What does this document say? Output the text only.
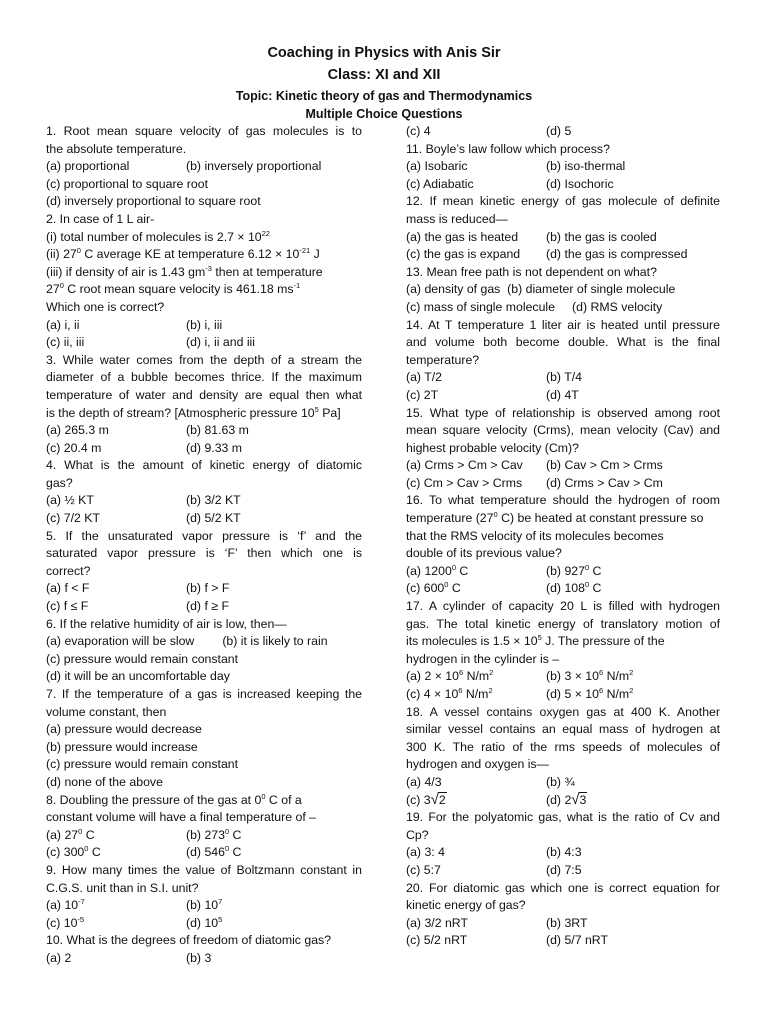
Coaching in Physics with Anis Sir
Class: XI and XII
Topic: Kinetic theory of gas and Thermodynamics
Multiple Choice Questions
1. Root mean square velocity of gas molecules is to
the absolute temperature.
(a) proportional	(b) inversely proportional
(c) proportional to square root
(d) inversely proportional to square root
2. In case of 1 L air-
(i) total number of molecules is $2.7 \times 10^{22}$
(ii) $27^0$ C average KE at temperature $6.12 \times 10^{-21}$ J
(iii) if density of air is 1.43 $gm^{-3}$ then at temperature
$27^0$ C root mean square velocity is 461.18 $ms^{-1}$
Which one is correct?
(a) i, ii	(b) i, iii
(c) ii, iii	(d) i, ii and iii
3. While water comes from the depth of a stream the
diameter of a bubble becomes thrice. If the maximum
temperature of water and density are equal then what
is the depth of stream? [Atmospheric pressure $10^5$ Pa]
(a) 265.3 m	(b) 81.63 m
(c) 20.4 m	(d) 9.33 m
4. What is the amount of kinetic energy of diatomic
gas?
(a) ½ KT	(b) 3/2 KT
(c) 7/2 KT	(d) 5/2 KT
5. If the unsaturated vapor pressure is ‘f’ and the
saturated vapor pressure is ‘F’ then which one is
correct?
(a) f < F	(b) f > F
(c) f ≤ F	(d) f ≥ F
6. If the relative humidity of air is low, then—
(a) evaporation will be slow (b) it is likely to rain
(c) pressure would remain constant
(d) it will be an uncomfortable day
7. If the temperature of a gas is increased keeping the
volume constant, then
(a) pressure would decrease
(b) pressure would increase
(c) pressure would remain constant
(d) none of the above
8. Doubling the pressure of the gas at $0^0$ C of a
constant volume will have a final temperature of –
(a) $27^0$ C	(b) $273^0$ C
(c) $300^0$ C	(d) $546^0$ C
9. How many times the value of Boltzmann constant in
C.G.S. unit than in S.I. unit?
(a) $10^{-7}$	(b) $10^7$
(c) $10^{-5}$	(d) $10^5$
10. What is the degrees of freedom of diatomic gas?
(a) 2	(b) 3
(c) 4	(d) 5
11. Boyle’s law follow which process?
(a) Isobaric	(b) iso-thermal
(c) Adiabatic	(d) Isochoric
12. If mean kinetic energy of gas molecule of definite
mass is reduced—
(a) the gas is heated	(b) the gas is cooled
(c) the gas is expand	(d) the gas is compressed
13. Mean free path is not dependent on what?
(a) density of gas  (b) diameter of single molecule
(c) mass of single molecule     (d) RMS velocity
14. At T temperature 1 liter air is heated until pressure
and volume both become double. What is the final
temperature?
(a) T/2	(b) T/4
(c) 2T	(d) 4T
15. What type of relationship is observed among root
mean square velocity (Crms), mean velocity (Cav) and
highest probable velocity (Cm)?
(a) Crms > Cm > Cav	(b) Cav > Cm > Crms
(c) Cm > Cav > Crms	(d) Crms > Cav > Cm
16. To what temperature should the hydrogen of room
temperature ($27^0$ C) be heated at constant pressure so
that the RMS velocity of its molecules becomes
double of its previous value?
(a) 1200$^0$ C	(b) $927^0$ C
(c) $600^0$ C	(d) $108^0$ C
17. A cylinder of capacity 20 L is filled with hydrogen
gas. The total kinetic energy of translatory motion of
its molecules is $1.5 \times 10^5$ J. The pressure of the
hydrogen in the cylinder is –
(a) $2 \times 10^6$ $N/m^2$	(b) $3 \times 10^6$ $N/m^2$
(c) $4 \times 10^6$ $N/m^2$	(d) $5 \times 10^6$ $N/m^2$
18. A vessel contains oxygen gas at 400 K. Another
similar vessel contains an equal mass of hydrogen at
300 K. The ratio of the rms speeds of molecules of
hydrogen and oxygen is—
(a) 4/3	(b) ¾
(c) 3√2	(d) 2√3
19. For the polyatomic gas, what is the ratio of Cv and
Cp?
(a) 3: 4	(b) 4:3
(c) 5:7	(d) 7:5
20. For diatomic gas which one is correct equation for
kinetic energy of gas?
(a) 3/2 nRT	(b) 3RT
(c) 5/2 nRT	(d) 5/7 nRT
